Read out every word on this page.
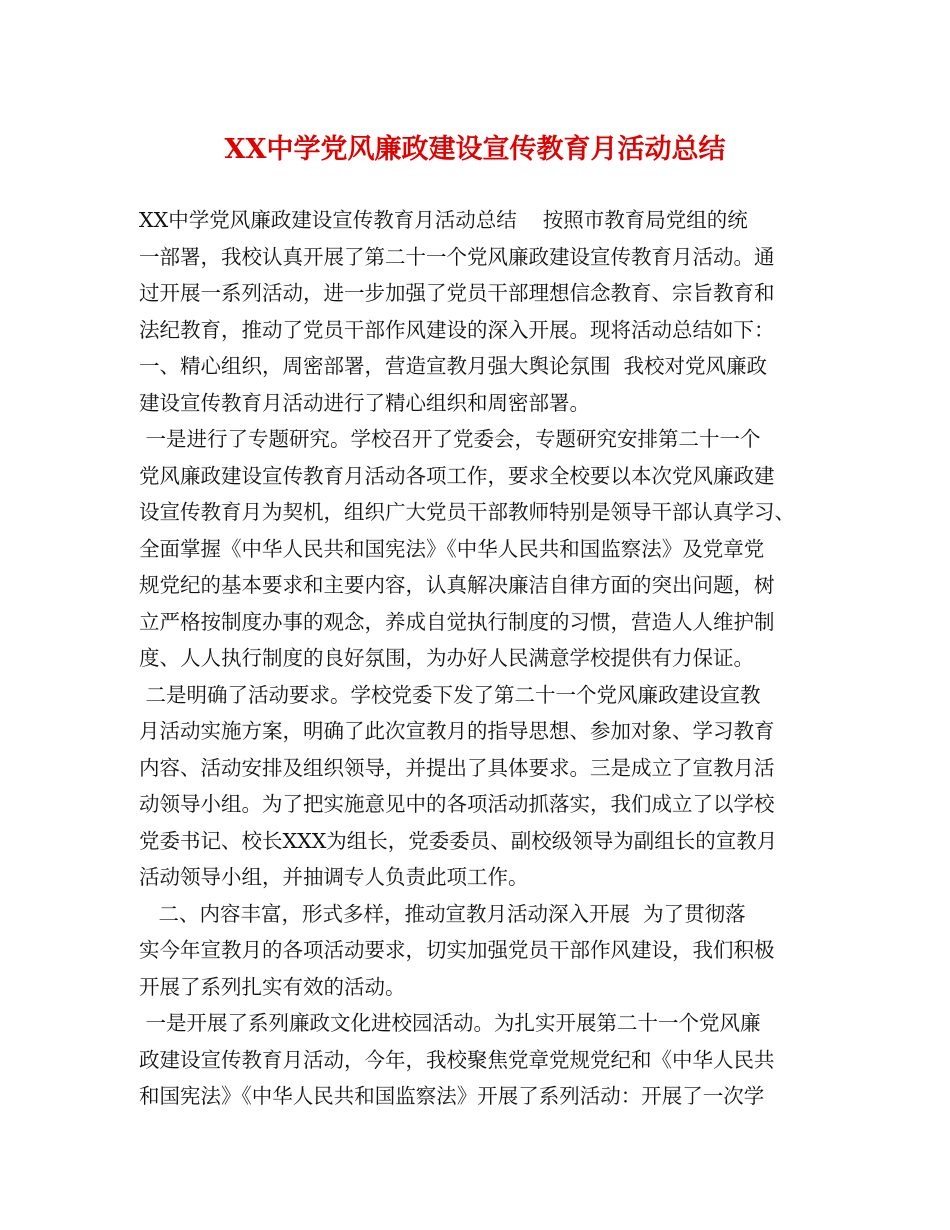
XX中学党风廉政建设宣传教育月活动总结
XX中学党风廉政建设宣传教育月活动总结    按照市教育局党组的统
一部署，我校认真开展了第二十一个党风廉政建设宣传教育月活动。通
过开展一系列活动，进一步加强了党员干部理想信念教育、宗旨教育和
法纪教育，推动了党员干部作风建设的深入开展。现将活动总结如下：
一、精心组织，周密部署，营造宣教月强大舆论氛围  我校对党风廉政
建设宣传教育月活动进行了精心组织和周密部署。
一是进行了专题研究。学校召开了党委会，专题研究安排第二十一个
党风廉政建设宣传教育月活动各项工作，要求全校要以本次党风廉政建
设宣传教育月为契机，组织广大党员干部教师特别是领导干部认真学习、
全面掌握《中华人民共和国宪法》《中华人民共和国监察法》及党章党
规党纪的基本要求和主要内容，认真解决廉洁自律方面的突出问题，树
立严格按制度办事的观念，养成自觉执行制度的习惯，营造人人维护制
度、人人执行制度的良好氛围，为办好人民满意学校提供有力保证。
二是明确了活动要求。学校党委下发了第二十一个党风廉政建设宣教
月活动实施方案，明确了此次宣教月的指导思想、参加对象、学习教育
内容、活动安排及组织领导，并提出了具体要求。三是成立了宣教月活
动领导小组。为了把实施意见中的各项活动抓落实，我们成立了以学校
党委书记、校长XXX为组长，党委委员、副校级领导为副组长的宣教月
活动领导小组，并抽调专人负责此项工作。
二、内容丰富，形式多样，推动宣教月活动深入开展  为了贯彻落
实今年宣教月的各项活动要求，切实加强党员干部作风建设，我们积极
开展了系列扎实有效的活动。
一是开展了系列廉政文化进校园活动。为扎实开展第二十一个党风廉
政建设宣传教育月活动，今年，我校聚焦党章党规党纪和《中华人民共
和国宪法》《中华人民共和国监察法》开展了系列活动：开展了一次学
